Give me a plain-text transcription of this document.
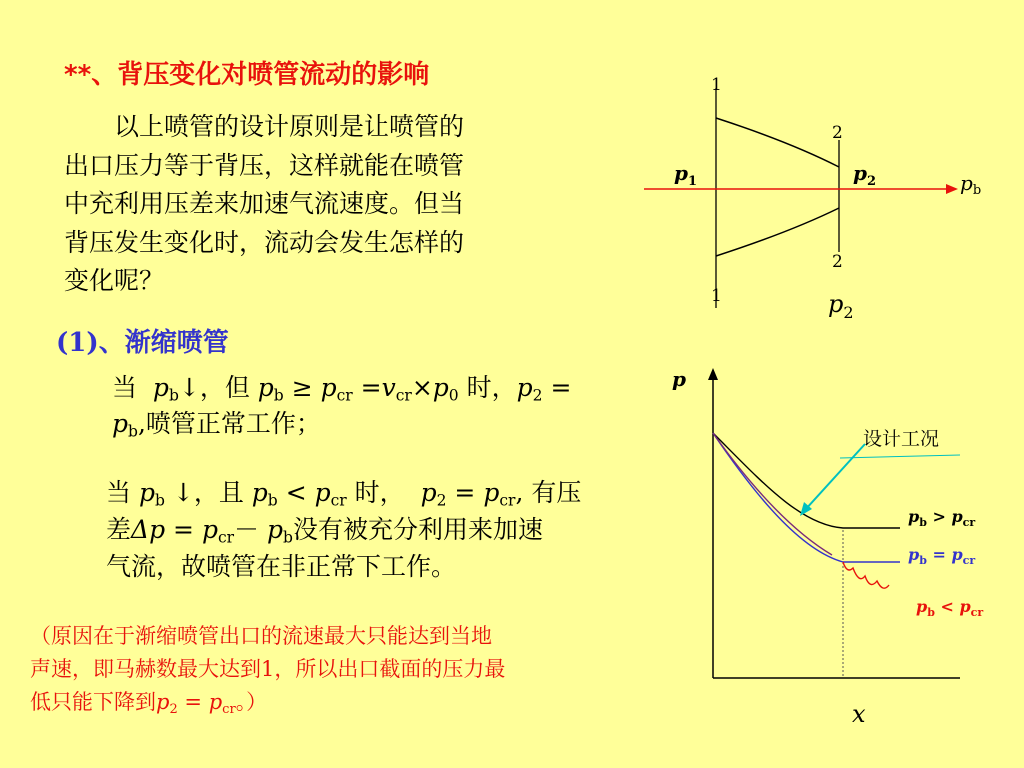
**、背压变化对喷管流动的影响
　　以上喷管的设计原则是让喷管的
出口压力等于背压，这样就能在喷管
中充利用压差来加速气流速度。但当
背压发生变化时，流动会发生怎样的
变化呢？
(1)、渐缩喷管
当 $p_b↓$，但 $p_b \ge p_{cr} =v_{cr}\times p_0$ 时，$p_2$ =
$p_b$,喷管正常工作；
当 $p_b$ ↓，且 $p_b < p_{cr}$ 时， $p_2 = p_{cr}$, 有压
差$\Delta p = p_{cr}- p_b$没有被充分利用来加速
气流，故喷管在非正常下工作。
（原因在于渐缩喷管出口的流速最大只能达到当地
声速，即马赫数最大达到1，所以出口截面的压力最
低只能下降到$p_2 = p_{cr}$。）
1
1
2
2
$p_1$	$p_2$	$p_b$
$p_2$
p
x
设计工况
$p_b > p_{cr}$
$p_b = p_{cr}$
$p_b < p_{cr}$
